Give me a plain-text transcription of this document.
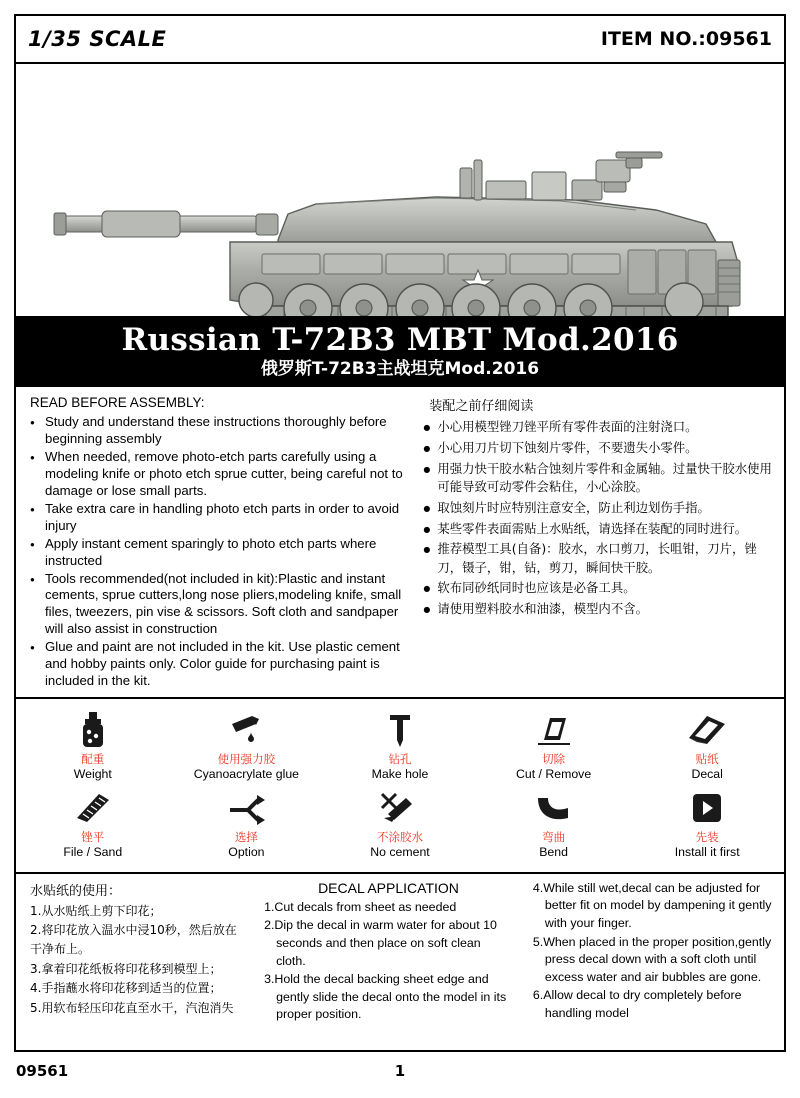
1/35 SCALE	ITEM NO.:09561
Russian T-72B3 MBT Mod.2016
俄罗斯T-72B3主战坦克Mod.2016
READ BEFORE ASSEMBLY:
● Study and understand these instructions thoroughly before beginning assembly
● When needed, remove photo-etch parts carefully using a modeling knife or photo etch sprue cutter, being careful not to damage or lose small parts.
● Take extra care in handling photo etch parts in order to avoid injury
● Apply instant cement sparingly to photo etch parts where instructed
● Tools recommended(not included in kit):Plastic and instant cements, sprue cutters,long nose pliers,modeling knife, small files, tweezers, pin vise & scissors. Soft cloth and sandpaper will also assist in construction
● Glue and paint are not included in the kit. Use plastic cement and hobby paints only. Color guide for purchasing paint is included in the kit.
装配之前仔细阅读
● 小心用模型锉刀锉平所有零件表面的注射浇口。
● 小心用刀片切下蚀刻片零件，不要遗失小零件。
● 用强力快干胶水粘合蚀刻片零件和金属轴。过量快干胶水使用可能导致可动零件会粘住，小心涂胶。
● 取蚀刻片时应特别注意安全，防止利边划伤手指。
● 某些零件表面需贴上水贴纸，请选择在装配的同时进行。
● 推荐模型工具(自备)：胶水，水口剪刀，长咀钳，刀片，锉刀，镊子，钳，钻，剪刀，瞬间快干胶。
● 软布同砂纸同时也应该是必备工具。
● 请使用塑料胶水和油漆，模型内不含。
配重
Weight
使用强力胶
Cyanoacrylate glue
钻孔
Make hole
切除
Cut / Remove
贴纸
Decal
锉平
File / Sand
选择
Option
不涂胶水
No cement
弯曲
Bend
先装
Install it first
水贴纸的使用：
1.从水贴纸上剪下印花；
2.将印花放入温水中浸10秒，然后放在干净布上。
3.拿着印花纸板将印花移到模型上；
4.手指蘸水将印花移到适当的位置；
5.用软布轻压印花直至水干，汽泡消失
DECAL APPLICATION
1.Cut decals from sheet as needed
2.Dip the decal in warm water for about 10 seconds and then place on soft clean cloth.
3.Hold the decal backing sheet edge and gently slide the decal onto the model in its proper position.
4.While still wet,decal can be adjusted for better fit on model by dampening it gently with your finger.
5.When placed in the proper position,gently press decal down with a soft cloth until excess water and air bubbles are gone.
6.Allow decal to dry completely before handling model
09561	1
